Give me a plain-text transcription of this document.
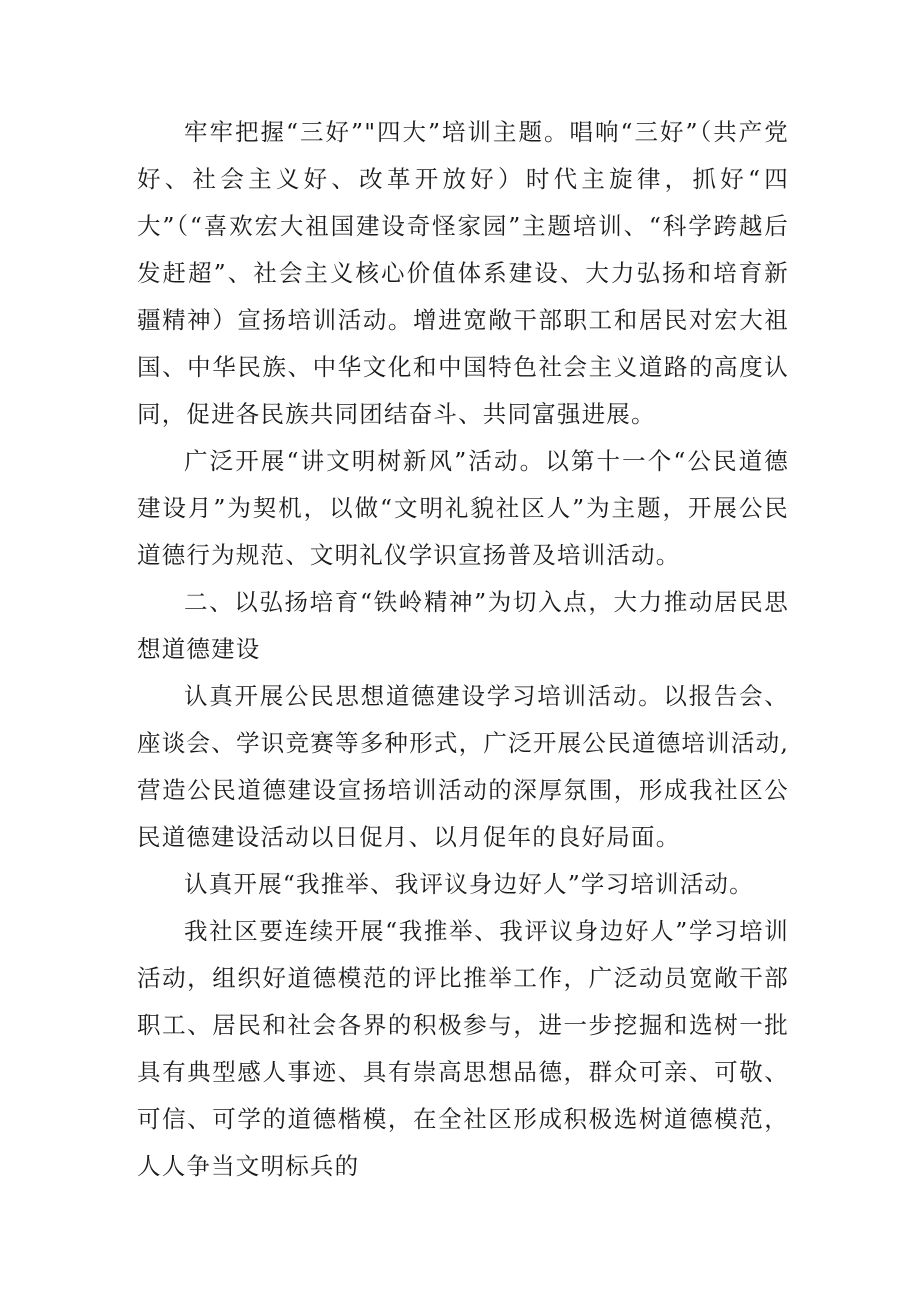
牢牢把握“三好”"四大”培训主题。唱响“三好”（共产党好、社会主义好、改革开放好）时代主旋律，抓好“四大”（“喜欢宏大祖国建设奇怪家园”主题培训、“科学跨越后发赶超”、社会主义核心价值体系建设、大力弘扬和培育新疆精神）宣扬培训活动。增进宽敞干部职工和居民对宏大祖国、中华民族、中华文化和中国特色社会主义道路的高度认同，促进各民族共同团结奋斗、共同富强进展。

广泛开展“讲文明树新风”活动。以第十一个“公民道德建设月”为契机，以做“文明礼貌社区人”为主题，开展公民道德行为规范、文明礼仪学识宣扬普及培训活动。

二、以弘扬培育“铁岭精神”为切入点，大力推动居民思想道德建设

认真开展公民思想道德建设学习培训活动。以报告会、座谈会、学识竞赛等多种形式，广泛开展公民道德培训活动,营造公民道德建设宣扬培训活动的深厚氛围，形成我社区公民道德建设活动以日促月、以月促年的良好局面。

认真开展“我推举、我评议身边好人”学习培训活动。

我社区要连续开展“我推举、我评议身边好人”学习培训活动，组织好道德模范的评比推举工作，广泛动员宽敞干部职工、居民和社会各界的积极参与，进一步挖掘和选树一批具有典型感人事迹、具有崇高思想品德，群众可亲、可敬、可信、可学的道德楷模，在全社区形成积极选树道德模范，人人争当文明标兵的
